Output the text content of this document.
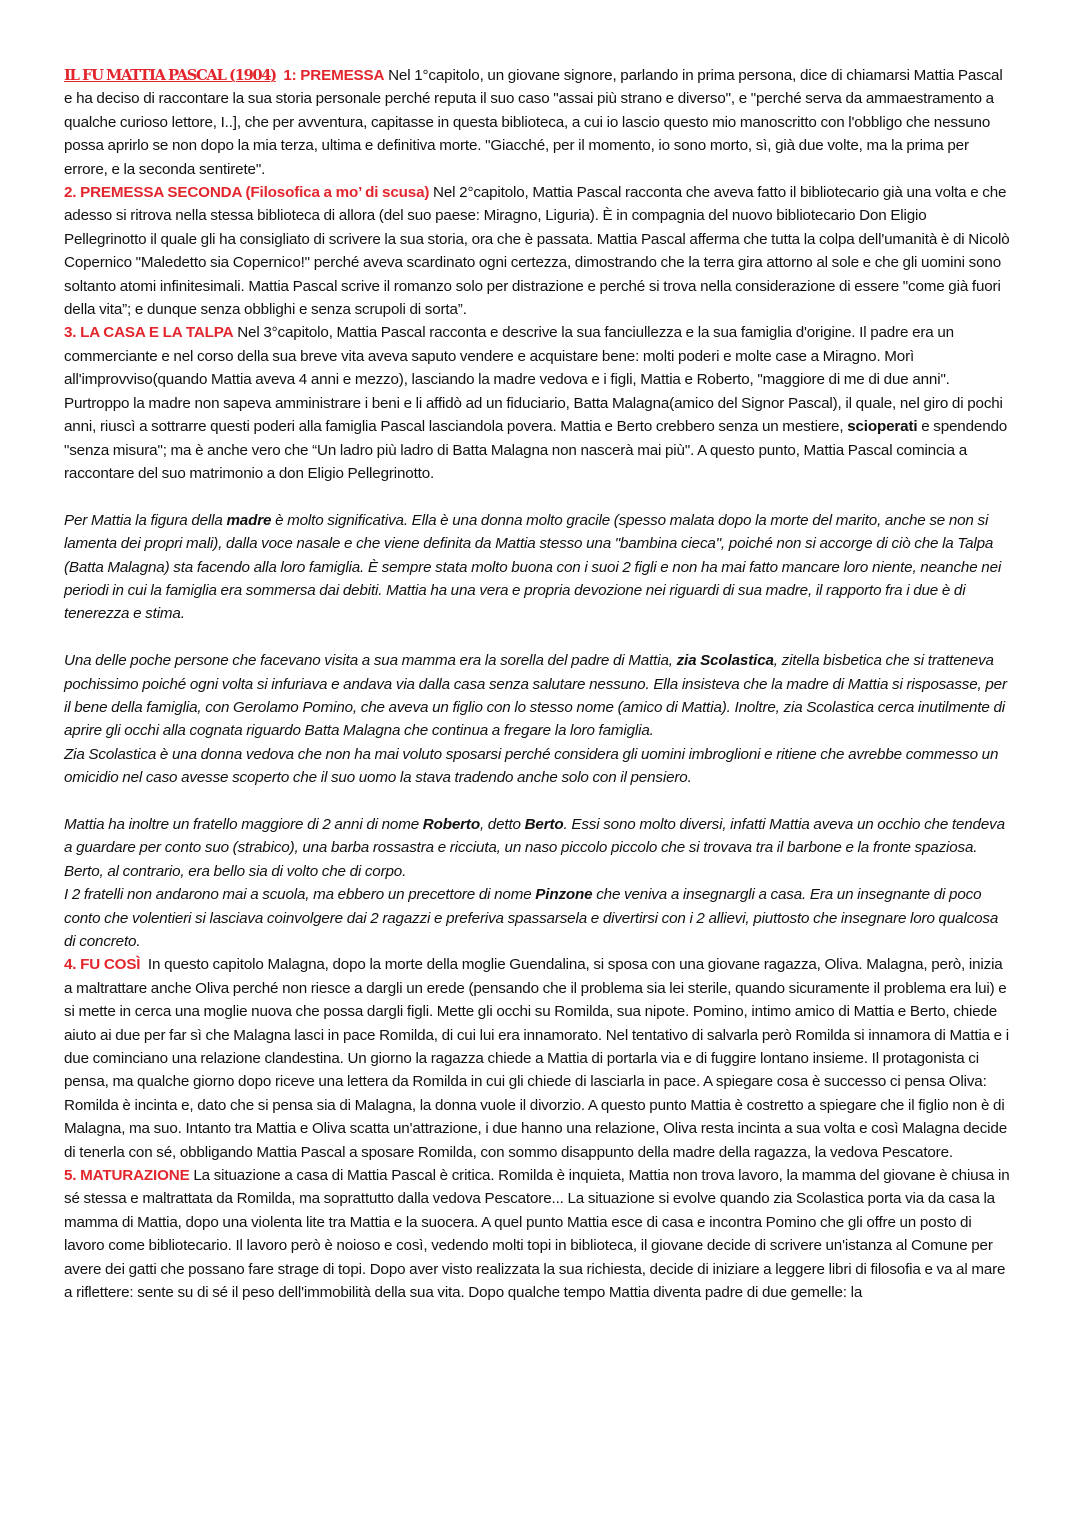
IL FU MATTIA PASCAL (1904) 1: PREMESSA Nel 1°capitolo, un giovane signore, parlando in prima persona, dice di chiamarsi Mattia Pascal e ha deciso di raccontare la sua storia personale perché reputa il suo caso "assai più strano e diverso", e "perché serva da ammaestramento a qualche curioso lettore, I..], che per avventura, capitasse in questa biblioteca, a cui io lascio questo mio manoscritto con l'obbligo che nessuno possa aprirlo se non dopo la mia terza, ultima e definitiva morte. "Giacché, per il momento, io sono morto, sì, già due volte, ma la prima per errore, e la seconda sentirete".

2. PREMESSA SECONDA (Filosofica a mo’ di scusa) Nel 2°capitolo, Mattia Pascal racconta che aveva fatto il bibliotecario già una volta e che adesso si ritrova nella stessa biblioteca di allora (del suo paese: Miragno, Liguria). È in compagnia del nuovo bibliotecario Don Eligio Pellegrinotto il quale gli ha consigliato di scrivere la sua storia, ora che è passata. Mattia Pascal afferma che tutta la colpa dell'umanità è di Nicolò Copernico "Maledetto sia Copernico!" perché aveva scardinato ogni certezza, dimostrando che la terra gira attorno al sole e che gli uomini sono soltanto atomi infinitesimali. Mattia Pascal scrive il romanzo solo per distrazione e perché si trova nella considerazione di essere "come già fuori della vita”; e dunque senza obblighi e senza scrupoli di sorta”.

3. LA CASA E LA TALPA Nel 3°capitolo, Mattia Pascal racconta e descrive la sua fanciullezza e la sua famiglia d'origine. Il padre era un commerciante e nel corso della sua breve vita aveva saputo vendere e acquistare bene: molti poderi e molte case a Miragno. Morì all'improvviso(quando Mattia aveva 4 anni e mezzo), lasciando la madre vedova e i figli, Mattia e Roberto, "maggiore di me di due anni". Purtroppo la madre non sapeva amministrare i beni e li affidò ad un fiduciario, Batta Malagna(amico del Signor Pascal), il quale, nel giro di pochi anni, riuscì a sottrarre questi poderi alla famiglia Pascal lasciandola povera. Mattia e Berto crebbero senza un mestiere, scioperati e spendendo "senza misura"; ma è anche vero che “Un ladro più ladro di Batta Malagna non nascerà mai più". A questo punto, Mattia Pascal comincia a raccontare del suo matrimonio a don Eligio Pellegrinotto.

Per Mattia la figura della madre è molto significativa. Ella è una donna molto gracile (spesso malata dopo la morte del marito, anche se non si lamenta dei propri mali), dalla voce nasale e che viene definita da Mattia stesso una "bambina cieca", poiché non si accorge di ciò che la Talpa (Batta Malagna) sta facendo alla loro famiglia. È sempre stata molto buona con i suoi 2 figli e non ha mai fatto mancare loro niente, neanche nei periodi in cui la famiglia era sommersa dai debiti. Mattia ha una vera e propria devozione nei riguardi di sua madre, il rapporto fra i due è di tenerezza e stima.

Una delle poche persone che facevano visita a sua mamma era la sorella del padre di Mattia, zia Scolastica, zitella bisbetica che si tratteneva pochissimo poiché ogni volta si infuriava e andava via dalla casa senza salutare nessuno. Ella insisteva che la madre di Mattia si risposasse, per il bene della famiglia, con Gerolamo Pomino, che aveva un figlio con lo stesso nome (amico di Mattia). Inoltre, zia Scolastica cerca inutilmente di aprire gli occhi alla cognata riguardo Batta Malagna che continua a fregare la loro famiglia.

Zia Scolastica è una donna vedova che non ha mai voluto sposarsi perché considera gli uomini imbroglioni e ritiene che avrebbe commesso un omicidio nel caso avesse scoperto che il suo uomo la stava tradendo anche solo con il pensiero.

Mattia ha inoltre un fratello maggiore di 2 anni di nome Roberto, detto Berto. Essi sono molto diversi, infatti Mattia aveva un occhio che tendeva a guardare per conto suo (strabico), una barba rossastra e ricciuta, un naso piccolo piccolo che si trovava tra il barbone e la fronte spaziosa. Berto, al contrario, era bello sia di volto che di corpo.

I 2 fratelli non andarono mai a scuola, ma ebbero un precettore di nome Pinzone che veniva a insegnargli a casa. Era un insegnante di poco conto che volentieri si lasciava coinvolgere dai 2 ragazzi e preferiva spassarsela e divertirsi con i 2 allievi, piuttosto che insegnare loro qualcosa di concreto.

4. FU COSÌ  In questo capitolo Malagna, dopo la morte della moglie Guendalina, si sposa con una giovane ragazza, Oliva. Malagna, però, inizia a maltrattare anche Oliva perché non riesce a dargli un erede (pensando che il problema sia lei sterile, quando sicuramente il problema era lui) e si mette in cerca una moglie nuova che possa dargli figli. Mette gli occhi su Romilda, sua nipote. Pomino, intimo amico di Mattia e Berto, chiede aiuto ai due per far sì che Malagna lasci in pace Romilda, di cui lui era innamorato. Nel tentativo di salvarla però Romilda si innamora di Mattia e i due cominciano una relazione clandestina. Un giorno la ragazza chiede a Mattia di portarla via e di fuggire lontano insieme. Il protagonista ci pensa, ma qualche giorno dopo riceve una lettera da Romilda in cui gli chiede di lasciarla in pace. A spiegare cosa è successo ci pensa Oliva: Romilda è incinta e, dato che si pensa sia di Malagna, la donna vuole il divorzio. A questo punto Mattia è costretto a spiegare che il figlio non è di Malagna, ma suo. Intanto tra Mattia e Oliva scatta un'attrazione, i due hanno una relazione, Oliva resta incinta a sua volta e così Malagna decide di tenerla con sé, obbligando Mattia Pascal a sposare Romilda, con sommo disappunto della madre della ragazza, la vedova Pescatore.

5. MATURAZIONE La situazione a casa di Mattia Pascal è critica. Romilda è inquieta, Mattia non trova lavoro, la mamma del giovane è chiusa in sé stessa e maltrattata da Romilda, ma soprattutto dalla vedova Pescatore... La situazione si evolve quando zia Scolastica porta via da casa la mamma di Mattia, dopo una violenta lite tra Mattia e la suocera. A quel punto Mattia esce di casa e incontra Pomino che gli offre un posto di lavoro come bibliotecario. Il lavoro però è noioso e così, vedendo molti topi in biblioteca, il giovane decide di scrivere un'istanza al Comune per avere dei gatti che possano fare strage di topi. Dopo aver visto realizzata la sua richiesta, decide di iniziare a leggere libri di filosofia e va al mare a riflettere: sente su di sé il peso dell'immobilità della sua vita. Dopo qualche tempo Mattia diventa padre di due gemelle: la
